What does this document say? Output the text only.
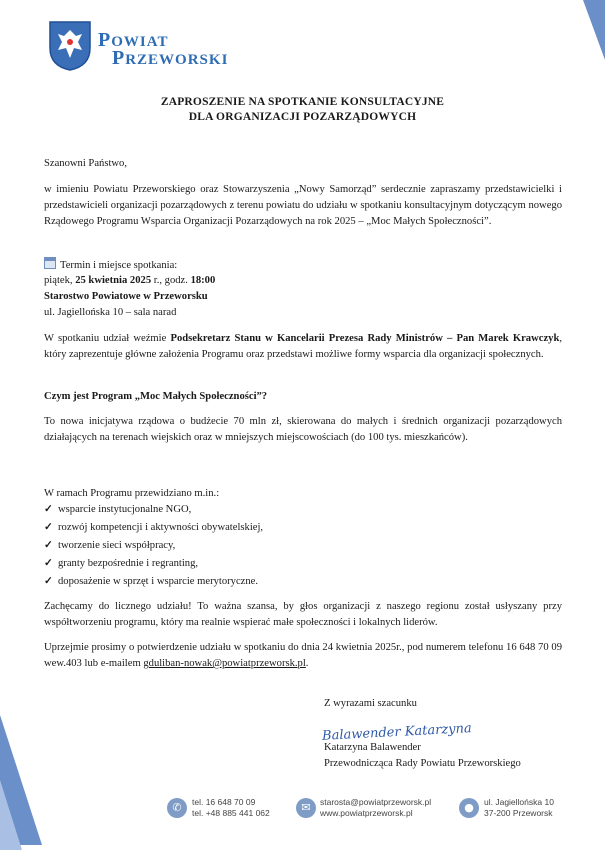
POWIAT
PRZEWORSKI
ZAPROSZENIE NA SPOTKANIE KONSULTACYJNE
DLA ORGANIZACJI POZARZĄDOWYCH
Szanowni Państwo,
w imieniu Powiatu Przeworskiego oraz Stowarzyszenia „Nowy Samorząd” serdecznie zapraszamy przedstawicielki i przedstawicieli organizacji pozarządowych z terenu powiatu do udziału w spotkaniu konsultacyjnym dotyczącym nowego Rządowego Programu Wsparcia Organizacji Pozarządowych na rok 2025 – „Moc Małych Społeczności”.
Termin i miejsce spotkania:
piątek, 25 kwietnia 2025 r., godz. 18:00
Starostwo Powiatowe w Przeworsku
ul. Jagiellońska 10 – sala narad
W spotkaniu udział weźmie Podsekretarz Stanu w Kancelarii Prezesa Rady Ministrów – Pan Marek Krawczyk, który zaprezentuje główne założenia Programu oraz przedstawi możliwe formy wsparcia dla organizacji społecznych.
Czym jest Program „Moc Małych Społeczności”?
To nowa inicjatywa rządowa o budżecie 70 mln zł, skierowana do małych i średnich organizacji pozarządowych działających na terenach wiejskich oraz w mniejszych miejscowościach (do 100 tys. mieszkańców).
W ramach Programu przewidziano m.in.:
✓ wsparcie instytucjonalne NGO,
✓ rozwój kompetencji i aktywności obywatelskiej,
✓ tworzenie sieci współpracy,
✓ granty bezpośrednie i regranting,
✓ doposażenie w sprzęt i wsparcie merytoryczne.
Zachęcamy do licznego udziału! To ważna szansa, by głos organizacji z naszego regionu został usłyszany przy współtworzeniu programu, który ma realnie wspierać małe społeczności i lokalnych liderów.
Uprzejmie prosimy o potwierdzenie udziału w spotkaniu do dnia 24 kwietnia 2025r., pod numerem telefonu 16 648 70 09 wew.403 lub e-mailem gduliban-nowak@powiatprzeworsk.pl.
Z wyrazami szacunku
Balawender Katarzyna
Katarzyna Balawender
Przewodnicząca Rady Powiatu Przeworskiego
✆	tel. 16 648 70 09
tel. +48 885 441 062	✉	starosta@powiatprzeworsk.pl
www.powiatprzeworsk.pl	●	ul. Jagiellońska 10
37-200 Przeworsk
